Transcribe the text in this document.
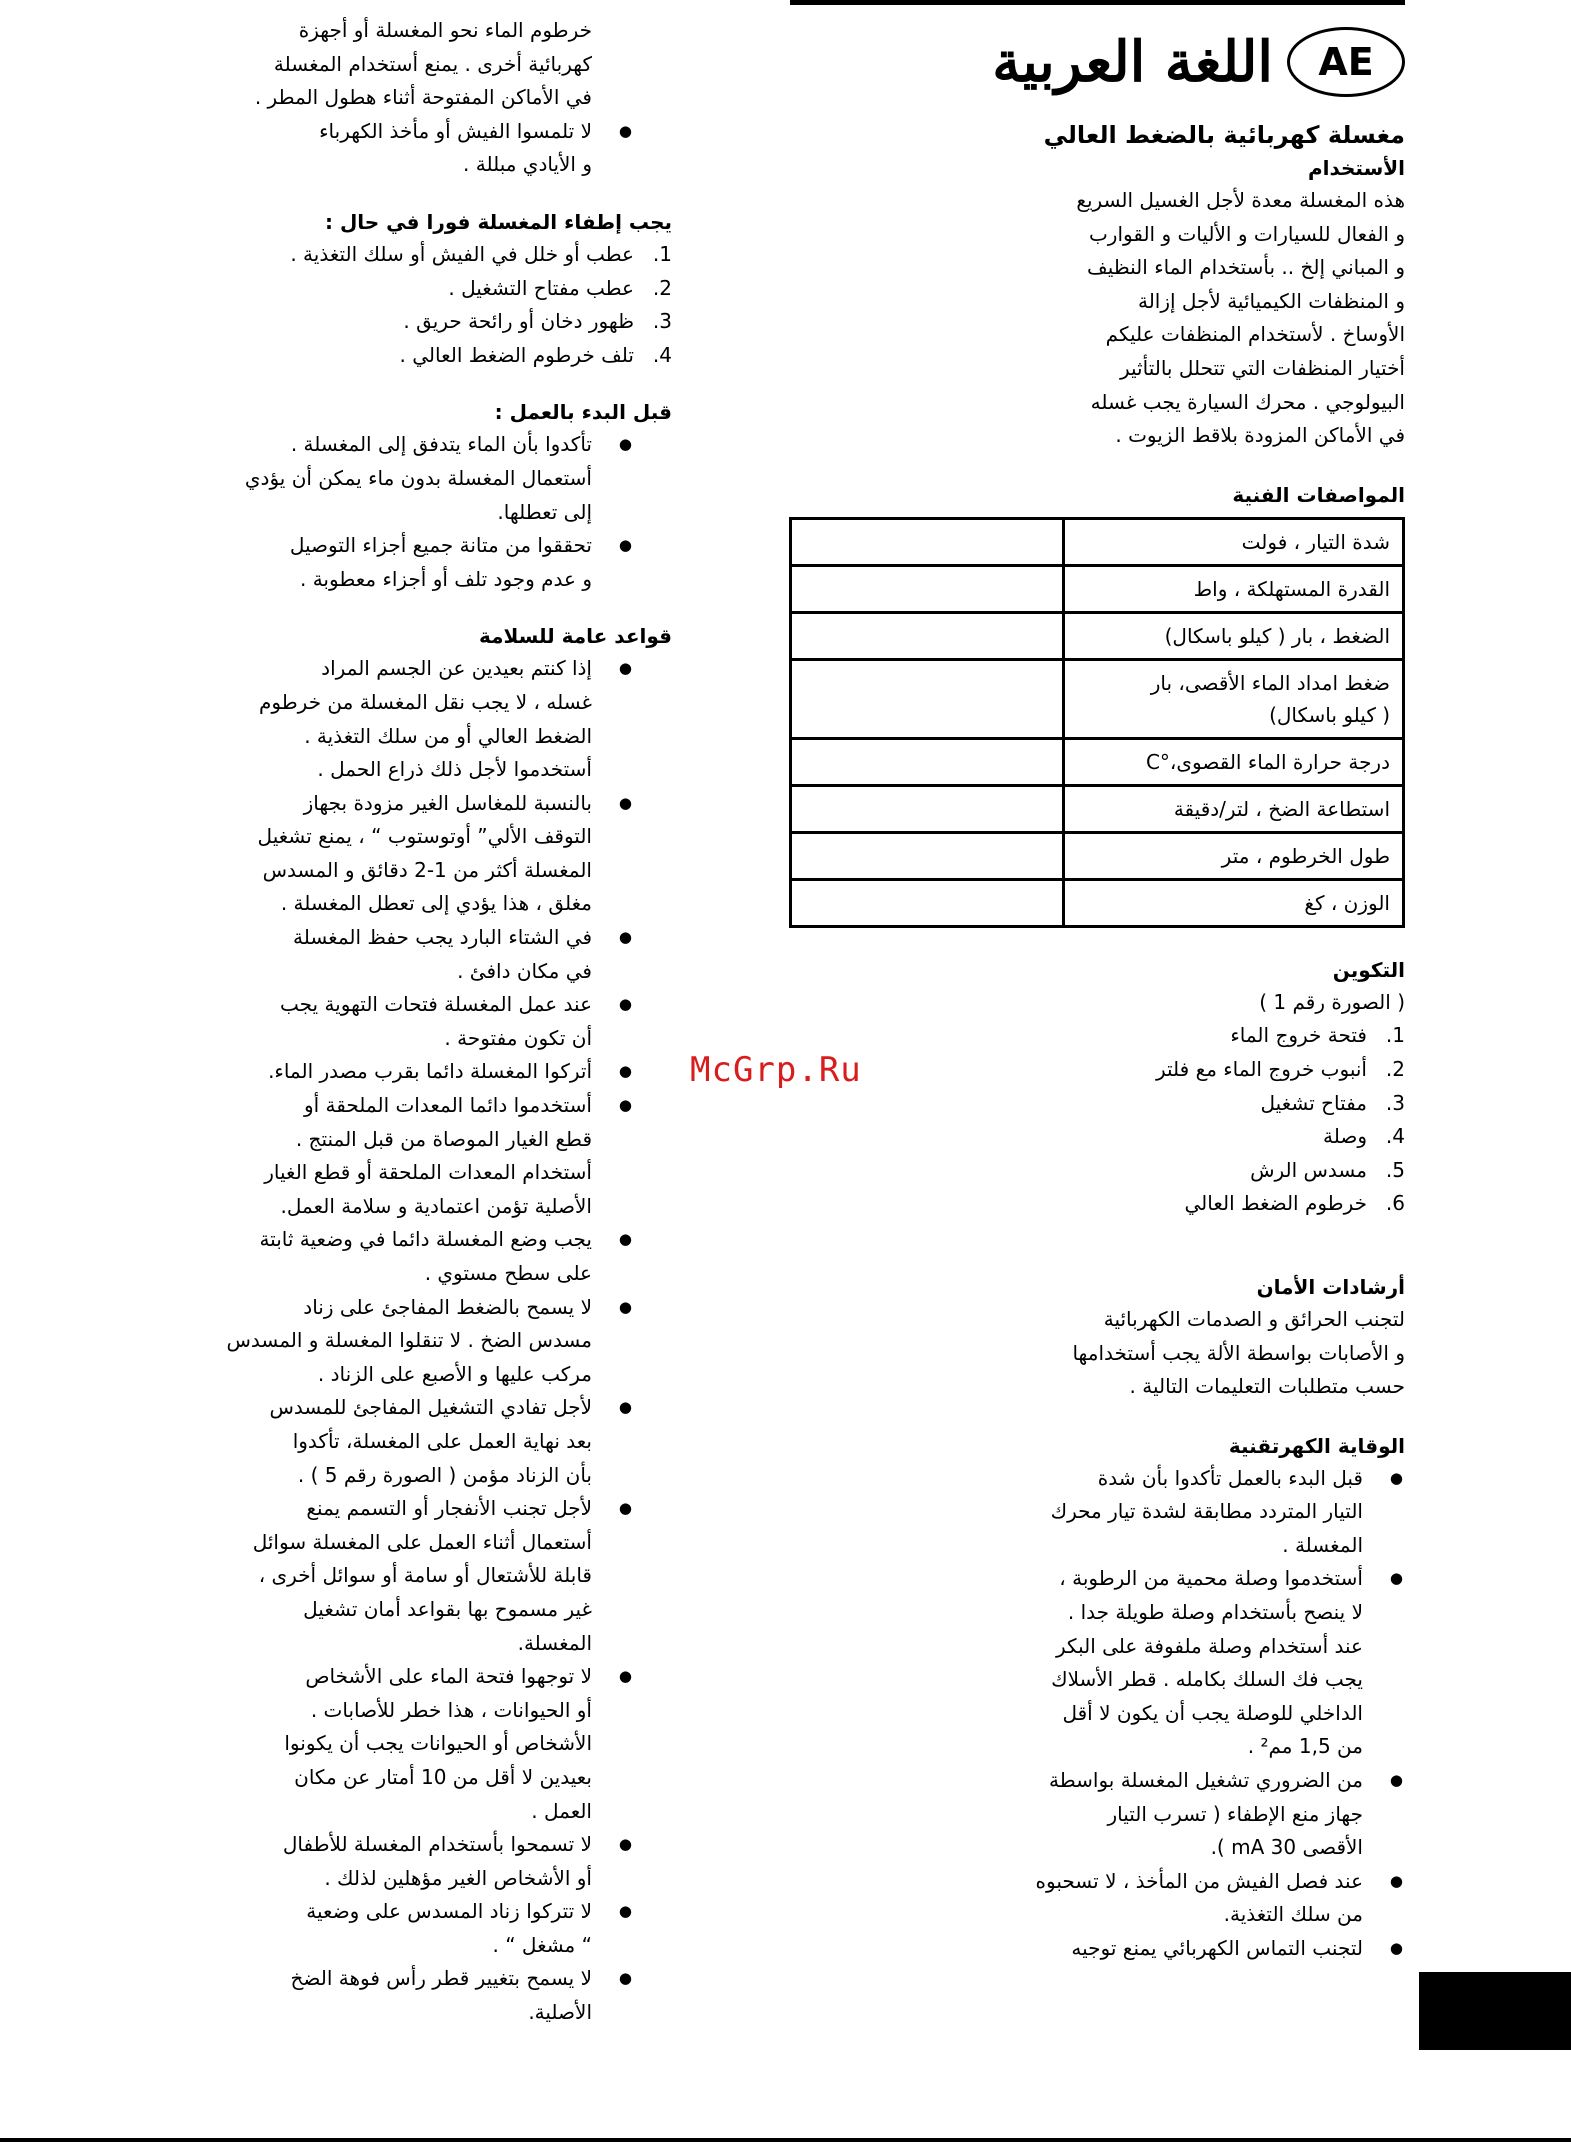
AE
اللغة العربية
مغسلة كهربائية بالضغط العالي
الأستخدام
هذه المغسلة معدة لأجل الغسيل السريع
و الفعال للسيارات و الأليات و القوارب
و المباني إلخ .. بأستخدام الماء النظيف
و المنظفات الكيميائية لأجل إزالة
الأوساخ . لأستخدام المنظفات عليكم
أختيار المنظفات التي تتحلل بالتأثير
البيولوجي . محرك السيارة يجب غسله
في الأماكن المزودة بلاقط الزيوت .
المواصفات الفنية
شدة التيار ، فولت	

القدرة المستهلكة ، واط	

الضغط ، بار ( كيلو باسكال)	

ضغط امداد الماء الأقصى، بار
( كيلو باسكال)	

درجة حرارة الماء القصوى،°C	

استطاعة الضخ ، لتر/دقيقة	

طول الخرطوم ، متر	

الوزن ، كغ	

التكوين
( الصورة رقم 1 )
1.
فتحة خروج الماء
2.
أنبوب خروج الماء مع فلتر
3.
مفتاح تشغيل
4.
وصلة
5.
مسدس الرش
6.
خرطوم الضغط العالي
أرشادات الأمان
لتجنب الحرائق و الصدمات الكهربائية
و الأصابات بواسطة الألة يجب أستخدامها
حسب متطلبات التعليمات التالية .
الوقاية الكهرتقنية
● قبل البدء بالعمل تأكدوا بأن شدة
التيار المتردد مطابقة لشدة تيار محرك
المغسلة .
● أستخدموا وصلة محمية من الرطوبة ،
لا ينصح بأستخدام وصلة طويلة جدا .
عند أستخدام وصلة ملفوفة على البكر
يجب فك السلك بكامله . قطر الأسلاك
الداخلي للوصلة يجب أن يكون لا أقل
من 1,5 مم² .
● من الضروري تشغيل المغسلة بواسطة
جهاز منع الإطفاء ( تسرب التيار
الأقصى 30 mA ).
● عند فصل الفيش من المأخذ ، لا تسحبوه
من سلك التغذية.
● لتجنب التماس الكهربائي يمنع توجيه
خرطوم الماء نحو المغسلة أو أجهزة
كهربائية أخرى . يمنع أستخدام المغسلة
في الأماكن المفتوحة أثناء هطول المطر .
● لا تلمسوا الفيش أو مأخذ الكهرباء
و الأيادي مبللة .
يجب إطفاء المغسلة فورا في حال :
1.
عطب أو خلل في الفيش أو سلك التغذية .
2.
عطب مفتاح التشغيل .
3.
ظهور دخان أو رائحة حريق .
4.
تلف خرطوم الضغط العالي .
قبل البدء بالعمل :
● تأكدوا بأن الماء يتدفق إلى المغسلة .
أستعمال المغسلة بدون ماء يمكن أن يؤدي
إلى تعطلها.
● تحققوا من متانة جميع أجزاء التوصيل
و عدم وجود تلف أو أجزاء معطوبة .
قواعد عامة للسلامة
● إذا كنتم بعيدين عن الجسم المراد
غسله ، لا يجب نقل المغسلة من خرطوم
الضغط العالي أو من سلك التغذية .
أستخدموا لأجل ذلك ذراع الحمل .
● بالنسبة للمغاسل الغير مزودة بجهاز
التوقف الألي” أوتوستوب “ ، يمنع تشغيل
المغسلة أكثر من 1-2 دقائق و المسدس
مغلق ، هذا يؤدي إلى تعطل المغسلة .
● في الشتاء البارد يجب حفظ المغسلة
في مكان دافئ .
● عند عمل المغسلة فتحات التهوية يجب
أن تكون مفتوحة .
● أتركوا المغسلة دائما بقرب مصدر الماء.
● أستخدموا دائما المعدات الملحقة أو
قطع الغيار الموصاة من قبل المنتج .
أستخدام المعدات الملحقة أو قطع الغيار
الأصلية تؤمن اعتمادية و سلامة العمل.
● يجب وضع المغسلة دائما في وضعية ثابتة
على سطح مستوي .
● لا يسمح بالضغط المفاجئ على زناد
مسدس الضخ . لا تنقلوا المغسلة و المسدس
مركب عليها و الأصبع على الزناد .
● لأجل تفادي التشغيل المفاجئ للمسدس
بعد نهاية العمل على المغسلة، تأكدوا
بأن الزناد مؤمن ( الصورة رقم 5 ) .
● لأجل تجنب الأنفجار أو التسمم يمنع
أستعمال أثناء العمل على المغسلة سوائل
قابلة للأشتعال أو سامة أو سوائل أخرى ،
غير مسموح بها بقواعد أمان تشغيل
المغسلة.
● لا توجهوا فتحة الماء على الأشخاص
أو الحيوانات ، هذا خطر للأصابات .
الأشخاص أو الحيوانات يجب أن يكونوا
بعيدين لا أقل من 10 أمتار عن مكان
العمل .
● لا تسمحوا بأستخدام المغسلة للأطفال
أو الأشخاص الغير مؤهلين لذلك .
● لا تتركوا زناد المسدس على وضعية
“ مشغل “ .
● لا يسمح بتغيير قطر رأس فوهة الضخ
الأصلية.
McGrp.Ru
